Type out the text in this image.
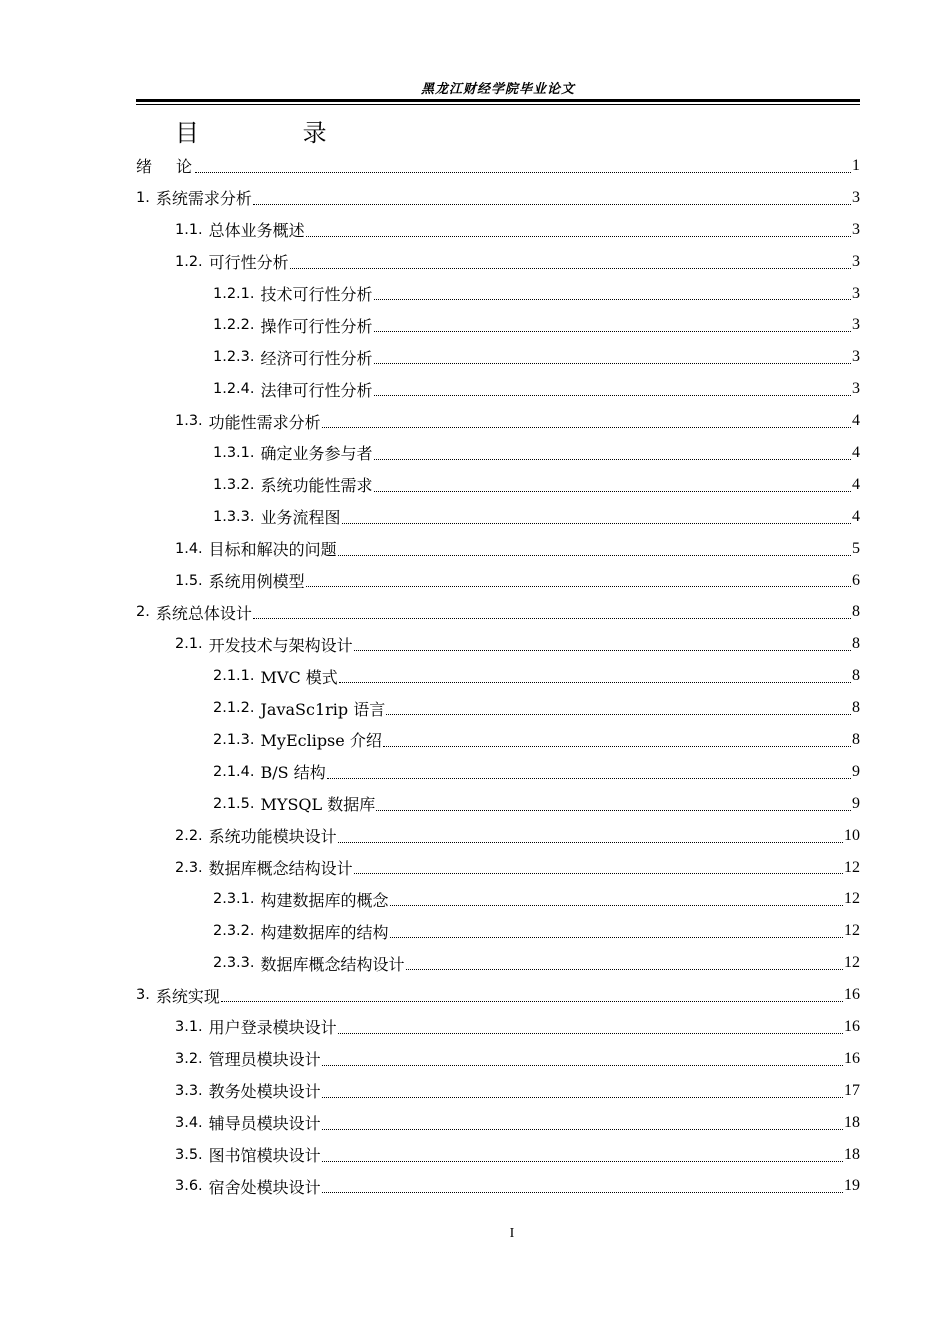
黑龙江财经学院毕业论文
目 录
绪论	1
1. 系统需求分析	3
1.1. 总体业务概述	3
1.2. 可行性分析	3
1.2.1. 技术可行性分析	3
1.2.2. 操作可行性分析	3
1.2.3. 经济可行性分析	3
1.2.4. 法律可行性分析	3
1.3. 功能性需求分析	4
1.3.1. 确定业务参与者	4
1.3.2. 系统功能性需求	4
1.3.3. 业务流程图	4
1.4. 目标和解决的问题	5
1.5. 系统用例模型	6
2. 系统总体设计	8
2.1. 开发技术与架构设计	8
2.1.1. MVC 模式	8
2.1.2. JavaSc1rip 语言	8
2.1.3. MyEclipse 介绍	8
2.1.4. B/S 结构	9
2.1.5. MYSQL 数据库	9
2.2. 系统功能模块设计	10
2.3. 数据库概念结构设计	12
2.3.1. 构建数据库的概念	12
2.3.2. 构建数据库的结构	12
2.3.3. 数据库概念结构设计	12
3. 系统实现	16
3.1. 用户登录模块设计	16
3.2. 管理员模块设计	16
3.3. 教务处模块设计	17
3.4. 辅导员模块设计	18
3.5. 图书馆模块设计	18
3.6. 宿舍处模块设计	19
I
